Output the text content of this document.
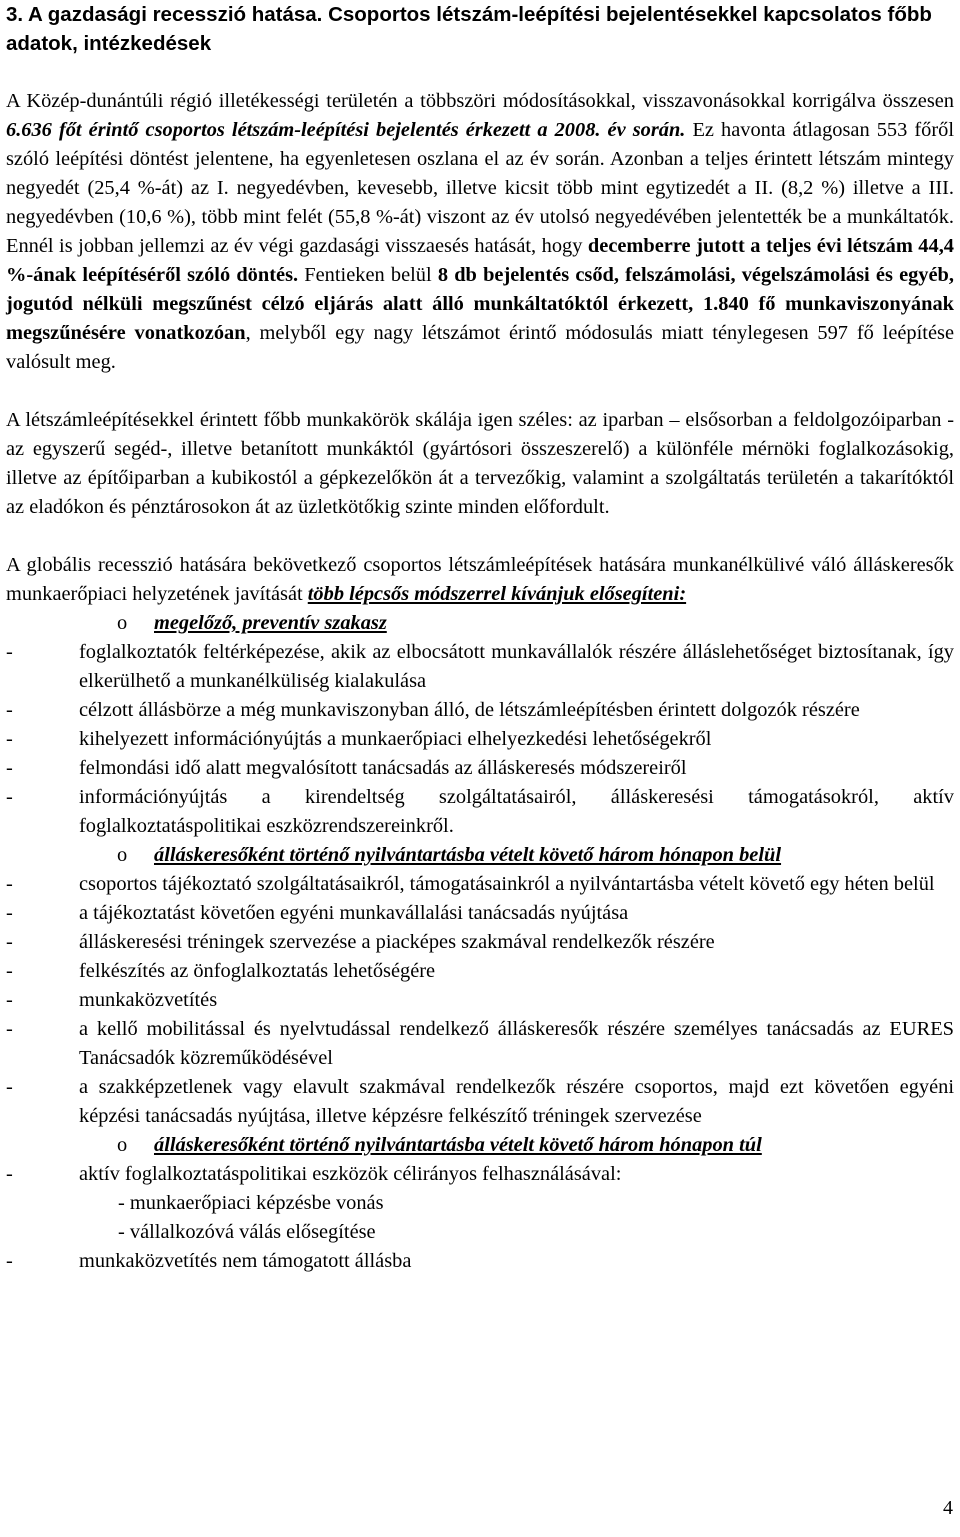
3. A gazdasági recesszió hatása. Csoportos létszám-leépítési bejelentésekkel kapcsolatos főbb adatok, intézkedések

A Közép-dunántúli régió illetékességi területén a többszöri módosításokkal, visszavonásokkal korrigálva összesen 6.636 főt érintő csoportos létszám-leépítési bejelentés érkezett a 2008. év során. Ez havonta átlagosan 553 főről szóló leépítési döntést jelentene, ha egyenletesen oszlana el az év során. Azonban a teljes érintett létszám mintegy negyedét (25,4 %-át) az I. negyedévben, kevesebb, illetve kicsit több mint egytizedét a II. (8,2 %) illetve a III. negyedévben (10,6 %), több mint felét (55,8 %-át) viszont az év utolsó negyedévében jelentették be a munkáltatók. Ennél is jobban jellemzi az év végi gazdasági visszaesés hatását, hogy decemberre jutott a teljes évi létszám 44,4 %-ának leépítéséről szóló döntés. Fentieken belül 8 db bejelentés csőd, felszámolási, végelszámolási és egyéb, jogutód nélküli megszűnést célzó eljárás alatt álló munkáltatóktól érkezett, 1.840 fő munkaviszonyának megszűnésére vonatkozóan, melyből egy nagy létszámot érintő módosulás miatt ténylegesen 597 fő leépítése valósult meg.

A létszámleépítésekkel érintett főbb munkakörök skálája igen széles: az iparban – elsősorban a feldolgozóiparban - az egyszerű segéd-, illetve betanított munkáktól (gyártósori összeszerelő) a különféle mérnöki foglalkozásokig, illetve az építőiparban a kubikostól a gépkezelőkön át a tervezőkig, valamint a szolgáltatás területén a takarítóktól az eladókon és pénztárosokon át az üzletkötőkig szinte minden előfordult.

A globális recesszió hatására bekövetkező csoportos létszámleépítések hatására munkanélkülivé váló álláskeresők munkaerőpiaci helyzetének javítását több lépcsős módszerrel kívánjuk elősegíteni:

o megelőző, preventív szakasz
-	foglalkoztatók feltérképezése, akik az elbocsátott munkavállalók részére álláslehetőséget biztosítanak, így elkerülhető a munkanélküliség kialakulása
-	célzott állásbörze a még munkaviszonyban álló, de létszámleépítésben érintett dolgozók részére
-	kihelyezett információnyújtás a munkaerőpiaci elhelyezkedési lehetőségekről
-	felmondási idő alatt megvalósított tanácsadás az álláskeresés módszereiről
-	információnyújtás a kirendeltség szolgáltatásairól, álláskeresési támogatásokról, aktív foglalkoztatáspolitikai eszközrendszereinkről.
o álláskeresőként történő nyilvántartásba vételt követő három hónapon belül
-	csoportos tájékoztató szolgáltatásaikról, támogatásainkról a nyilvántartásba vételt követő egy héten belül
-	a tájékoztatást követően egyéni munkavállalási tanácsadás nyújtása
-	álláskeresési tréningek szervezése a piacképes szakmával rendelkezők részére
-	felkészítés az önfoglalkoztatás lehetőségére
-	munkaközvetítés
-	a kellő mobilitással és nyelvtudással rendelkező álláskeresők részére személyes tanácsadás az EURES Tanácsadók közreműködésével
-	a szakképzetlenek vagy elavult szakmával rendelkezők részére csoportos, majd ezt követően egyéni képzési tanácsadás nyújtása, illetve képzésre felkészítő tréningek szervezése
o álláskeresőként történő nyilvántartásba vételt követő három hónapon túl
-	aktív foglalkoztatáspolitikai eszközök célirányos felhasználásával:
- munkaerőpiaci képzésbe vonás
- vállalkozóvá válás elősegítése
-	munkaközvetítés nem támogatott állásba
4
